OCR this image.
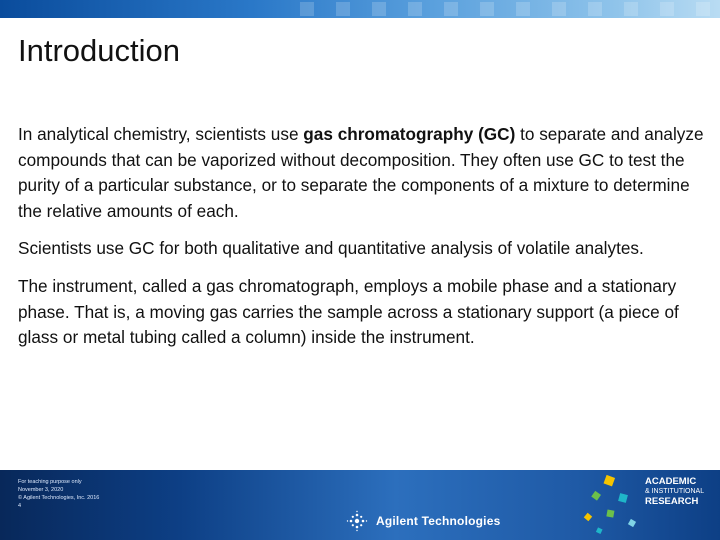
Introduction

In analytical chemistry, scientists use gas chromatography (GC) to separate and analyze compounds that can be vaporized without decomposition. They often use GC to test the purity of a particular substance, or to separate the components of a mixture to determine the relative amounts of each.

Scientists use GC for both qualitative and quantitative analysis of volatile analytes.

The instrument, called a gas chromatograph, employs a mobile phase and a stationary phase. That is, a moving gas carries the sample across a stationary support (a piece of glass or metal tubing called a column) inside the instrument.

For teaching purpose only
November 3, 2020
© Agilent Technologies, Inc. 2016
4
Agilent Technologies
ACADEMIC
& INSTITUTIONAL
RESEARCH
